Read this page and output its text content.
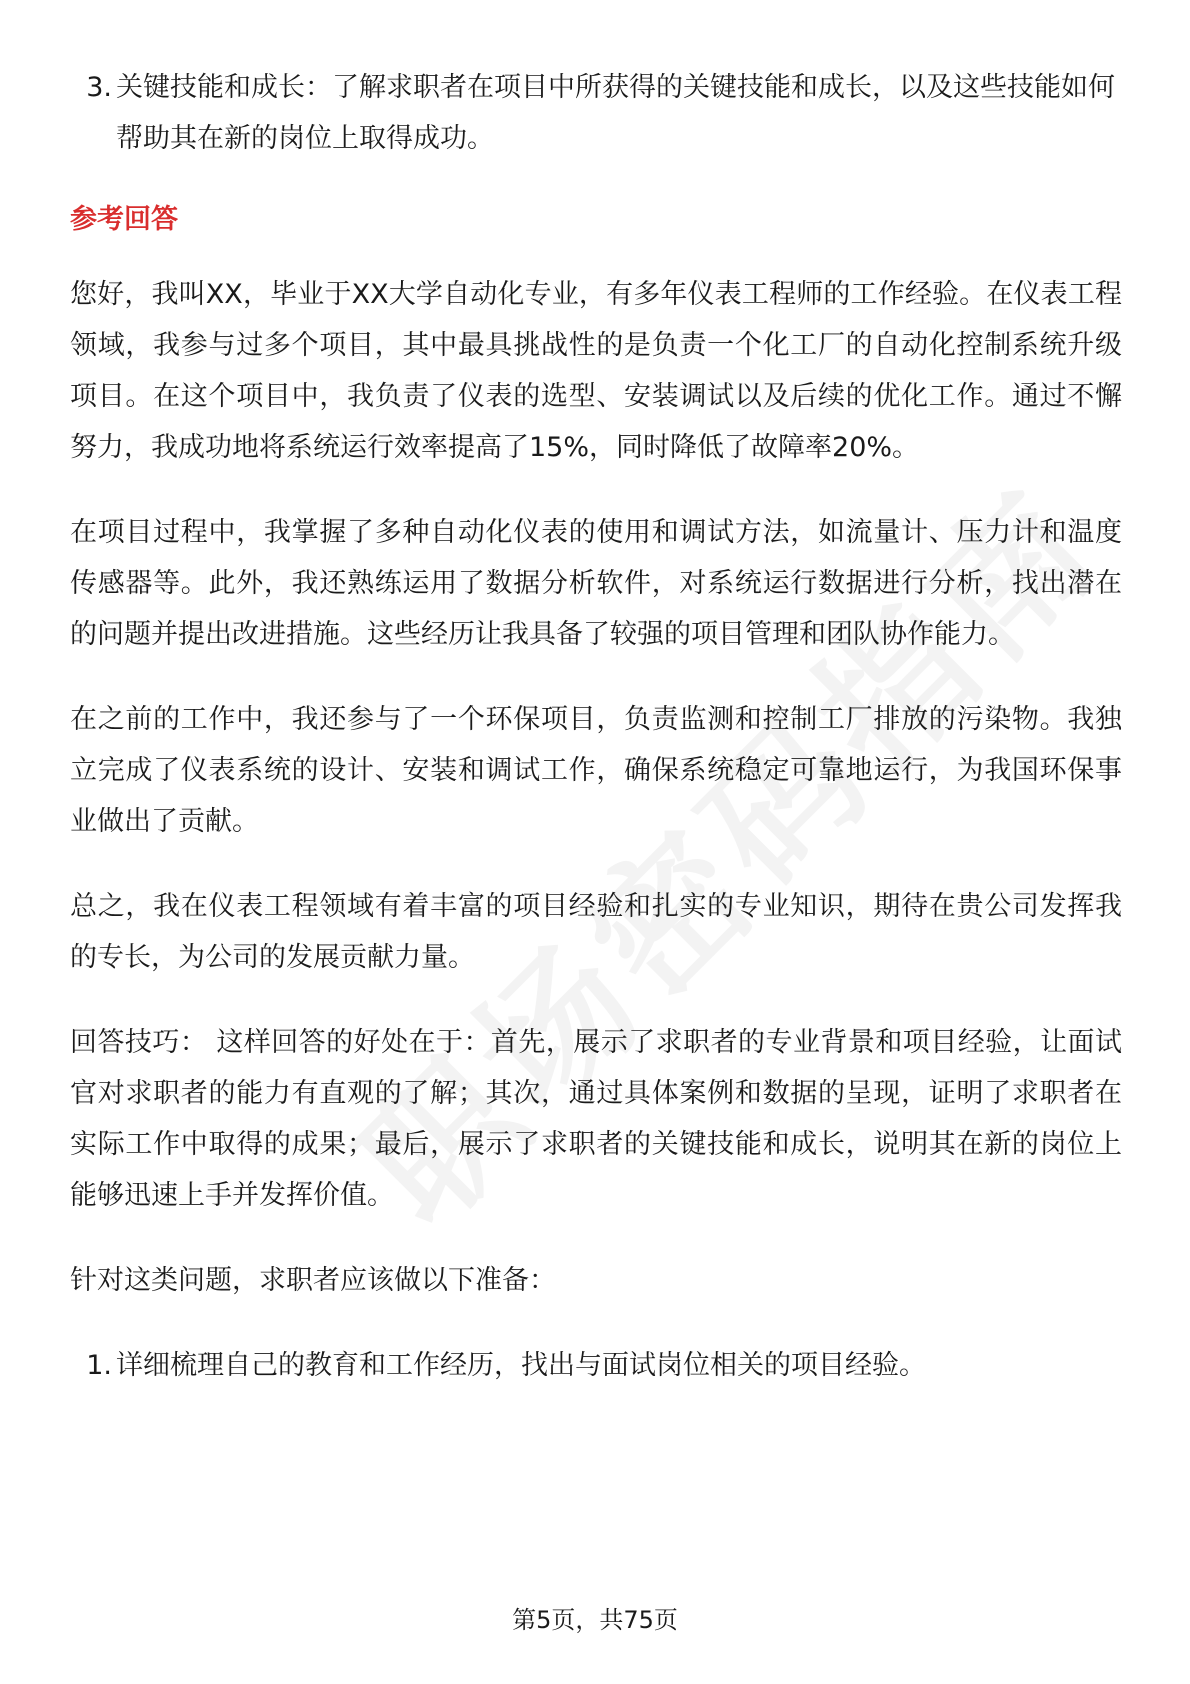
3. 关键技能和成长：了解求职者在项目中所获得的关键技能和成长，以及这些技能如何帮助其在新的岗位上取得成功。
参考回答

您好，我叫XX，毕业于XX大学自动化专业，有多年仪表工程师的工作经验。在仪表工程领域，我参与过多个项目，其中最具挑战性的是负责一个化工厂的自动化控制系统升级项目。在这个项目中，我负责了仪表的选型、安装调试以及后续的优化工作。通过不懈努力，我成功地将系统运行效率提高了15%，同时降低了故障率20%。

在项目过程中，我掌握了多种自动化仪表的使用和调试方法，如流量计、压力计和温度传感器等。此外，我还熟练运用了数据分析软件，对系统运行数据进行分析，找出潜在的问题并提出改进措施。这些经历让我具备了较强的项目管理和团队协作能力。

在之前的工作中，我还参与了一个环保项目，负责监测和控制工厂排放的污染物。我独立完成了仪表系统的设计、安装和调试工作，确保系统稳定可靠地运行，为我国环保事业做出了贡献。

总之，我在仪表工程领域有着丰富的项目经验和扎实的专业知识，期待在贵公司发挥我的专长，为公司的发展贡献力量。

回答技巧： 这样回答的好处在于：首先，展示了求职者的专业背景和项目经验，让面试官对求职者的能力有直观的了解；其次，通过具体案例和数据的呈现，证明了求职者在实际工作中取得的成果；最后，展示了求职者的关键技能和成长，说明其在新的岗位上能够迅速上手并发挥价值。

针对这类问题，求职者应该做以下准备：

1. 详细梳理自己的教育和工作经历，找出与面试岗位相关的项目经验。
第5页，共75页
